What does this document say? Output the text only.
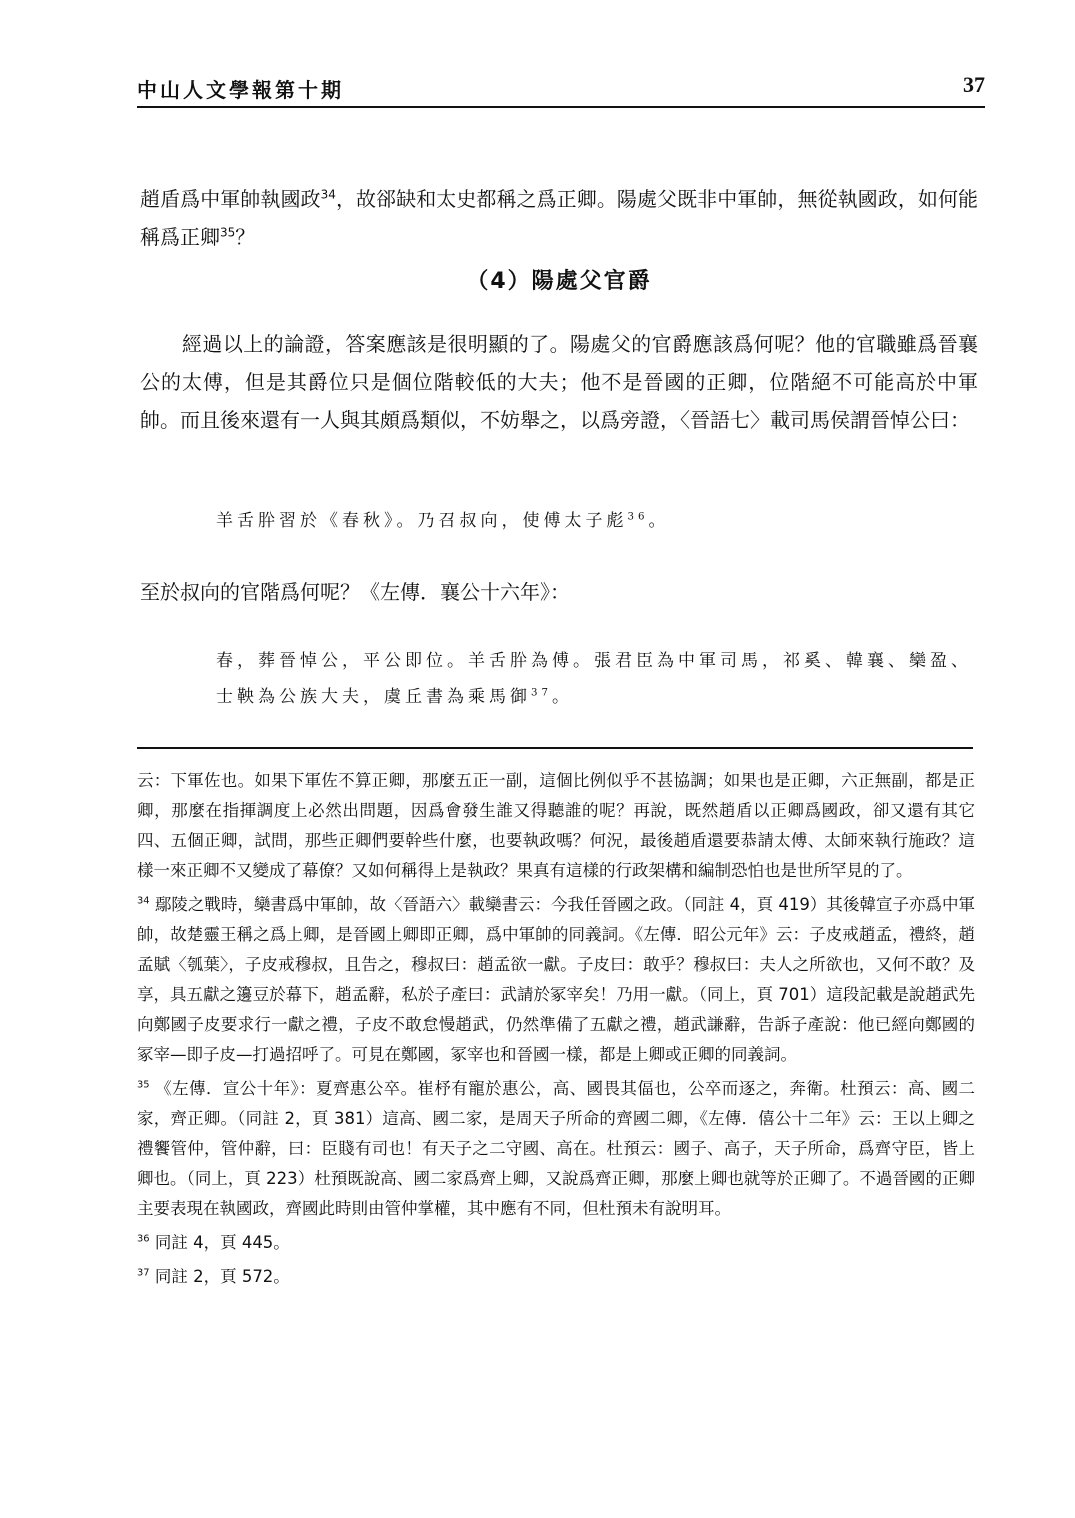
中山人文學報第十期	37
趙盾爲中軍帥執國政$^{34}$，故郤缺和太史都稱之爲正卿。陽處父既非中軍帥，無從執國政，如何能稱爲正卿$^{35}$？
（4）陽處父官爵
經過以上的論證，答案應該是很明顯的了。陽處父的官爵應該爲何呢？他的官職雖爲晉襄公的太傅，但是其爵位只是個位階較低的大夫；他不是晉國的正卿，位階絕不可能高於中軍帥。而且後來還有一人與其頗爲類似，不妨舉之，以爲旁證，〈晉語七〉載司馬侯謂晉悼公曰：
羊舌肸習於《春秋》。乃召叔向，使傅太子彪$^{36}$。
至於叔向的官階爲何呢？《左傳．襄公十六年》：
春，葬晉悼公，平公即位。羊舌肸為傅。張君臣為中軍司馬，祁奚、韓襄、欒盈、士鞅為公族大夫，虞丘書為乘馬御$^{37}$。

云：下軍佐也。如果下軍佐不算正卿，那麼五正一副，這個比例似乎不甚協調；如果也是正卿，六正無副，都是正卿，那麼在指揮調度上必然出問題，因爲會發生誰又得聽誰的呢？再說，既然趙盾以正卿爲國政，卻又還有其它四、五個正卿，試問，那些正卿們要幹些什麼，也要執政嗎？何況，最後趙盾還要恭請太傅、太師來執行施政？這樣一來正卿不又變成了幕僚？又如何稱得上是執政？果真有這樣的行政架構和編制恐怕也是世所罕見的了。

$^{34}$ 鄢陵之戰時，欒書爲中軍帥，故〈晉語六〉載欒書云：今我任晉國之政。（同註 4，頁 419）其後韓宣子亦爲中軍帥，故楚靈王稱之爲上卿，是晉國上卿即正卿，爲中軍帥的同義詞。《左傳．昭公元年》云：子皮戒趙孟，禮終，趙孟賦〈瓠葉〉，子皮戒穆叔，且告之，穆叔曰：趙孟欲一獻。子皮曰：敢乎？穆叔曰：夫人之所欲也，又何不敢？及享，具五獻之籩豆於幕下，趙孟辭，私於子產曰：武請於冢宰矣！乃用一獻。（同上，頁 701）這段記載是說趙武先向鄭國子皮要求行一獻之禮，子皮不敢怠慢趙武，仍然準備了五獻之禮，趙武謙辭，告訴子產說：他已經向鄭國的冢宰—即子皮—打過招呼了。可見在鄭國，冢宰也和晉國一樣，都是上卿或正卿的同義詞。

$^{35}$ 《左傳．宣公十年》：夏齊惠公卒。崔杼有寵於惠公，高、國畏其偪也，公卒而逐之，奔衛。杜預云：高、國二家，齊正卿。（同註 2，頁 381）這高、國二家，是周天子所命的齊國二卿，《左傳．僖公十二年》云：王以上卿之禮饗管仲，管仲辭，曰：臣賤有司也！有天子之二守國、高在。杜預云：國子、高子，天子所命，爲齊守臣，皆上卿也。（同上，頁 223）杜預既說高、國二家爲齊上卿，又說爲齊正卿，那麼上卿也就等於正卿了。不過晉國的正卿主要表現在執國政，齊國此時則由管仲掌權，其中應有不同，但杜預未有說明耳。

$^{36}$ 同註 4，頁 445。

$^{37}$ 同註 2，頁 572。
